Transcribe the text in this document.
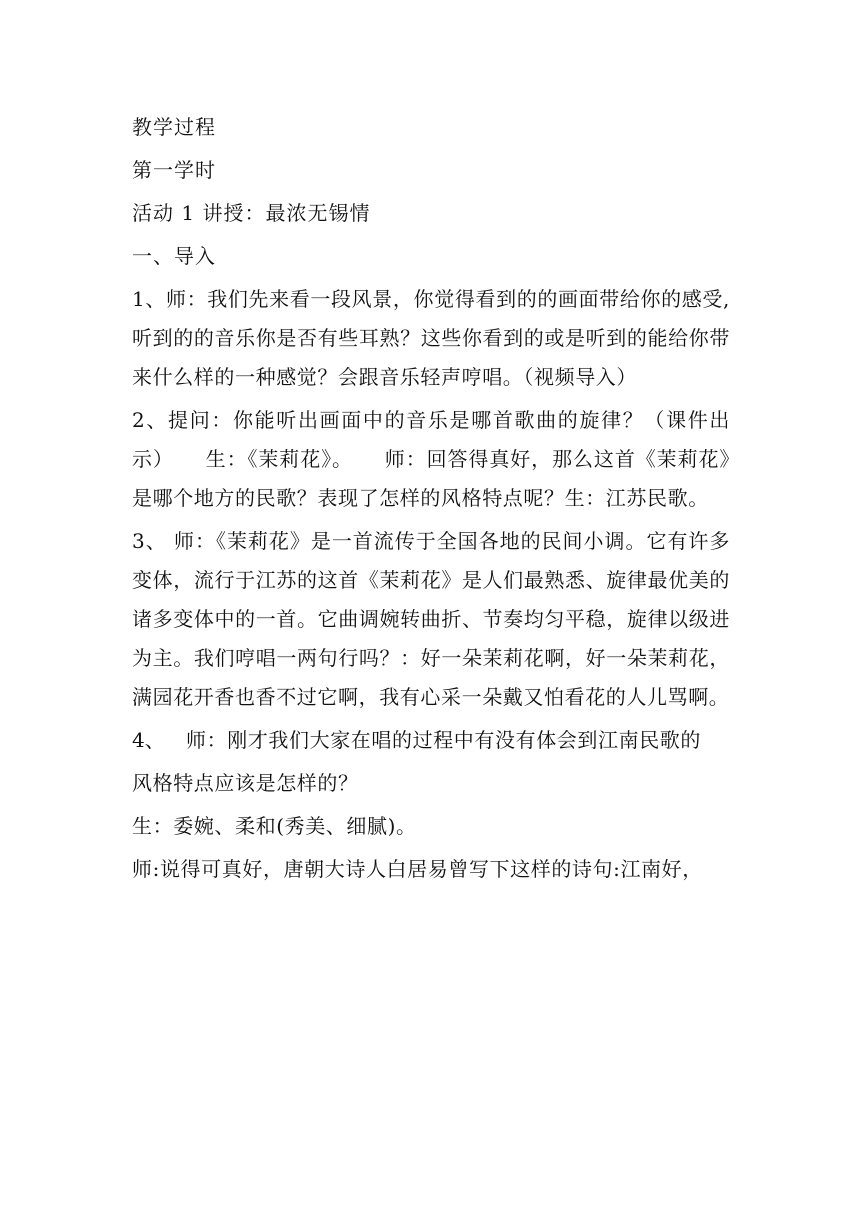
教学过程

第一学时

活动 1 讲授：最浓无锡情

一、导入

1、师：我们先来看一段风景，你觉得看到的的画面带给你的感受,听到的的音乐你是否有些耳熟？这些你看到的或是听到的能给你带来什么样的一种感觉？会跟音乐轻声哼唱。（视频导入）

2、提问：你能听出画面中的音乐是哪首歌曲的旋律？（课件出示）　　生：《茉莉花》。　　师：回答得真好，那么这首《茉莉花》是哪个地方的民歌？表现了怎样的风格特点呢？生：江苏民歌。

3、 师：《茉莉花》是一首流传于全国各地的民间小调。它有许多变体，流行于江苏的这首《茉莉花》是人们最熟悉、旋律最优美的诸多变体中的一首。它曲调婉转曲折、节奏均匀平稳，旋律以级进为主。我们哼唱一两句行吗？：好一朵茉莉花啊，好一朵茉莉花，满园花开香也香不过它啊，我有心采一朵戴又怕看花的人儿骂啊。

4、	师：刚才我们大家在唱的过程中有没有体会到江南民歌的

风格特点应该是怎样的？

生：委婉、柔和(秀美、细腻)。

师:说得可真好，唐朝大诗人白居易曾写下这样的诗句:江南好，
